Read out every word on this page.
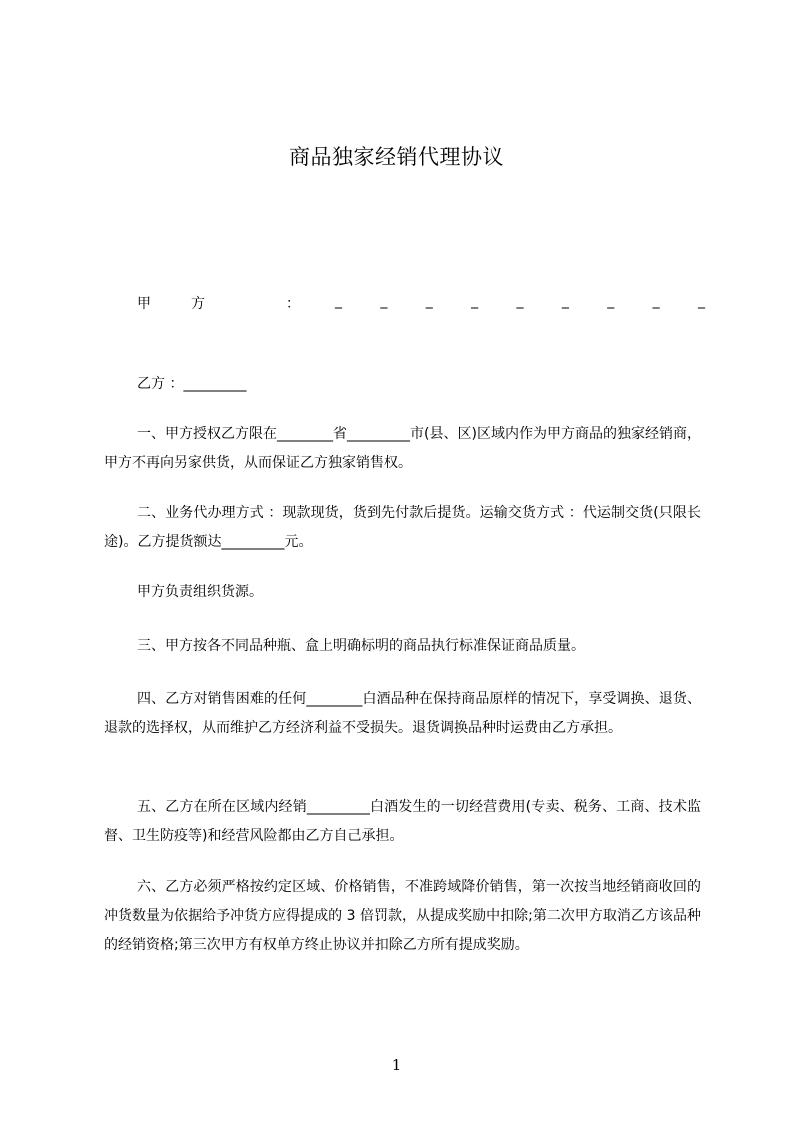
商品独家经销代理协议
甲	方	：	_	_	_	_	_	_	_	_	_
乙方 ：_________
一、甲方授权乙方限在________省_________市(县、区)区域内作为甲方商品的独家经销商，甲方不再向另家供货，从而保证乙方独家销售权。
二、业务代办理方式 ：现款现货，货到先付款后提货。运输交货方式 ：代运制交货(只限长途)。乙方提货额达_________元。
甲方负责组织货源。
三、甲方按各不同品种瓶、盒上明确标明的商品执行标准保证商品质量。
四、乙方对销售困难的任何________白酒品种在保持商品原样的情况下，享受调换、退货、退款的选择权，从而维护乙方经济利益不受损失。退货调换品种时运费由乙方承担。
五、乙方在所在区域内经销_________白酒发生的一切经营费用(专卖、税务、工商、技术监督、卫生防疫等)和经营风险都由乙方自己承担。
六、乙方必须严格按约定区域、价格销售，不准跨域降价销售，第一次按当地经销商收回的冲货数量为依据给予冲货方应得提成的 3 倍罚款，从提成奖励中扣除;第二次甲方取消乙方该品种的经销资格;第三次甲方有权单方终止协议并扣除乙方所有提成奖励。
1
